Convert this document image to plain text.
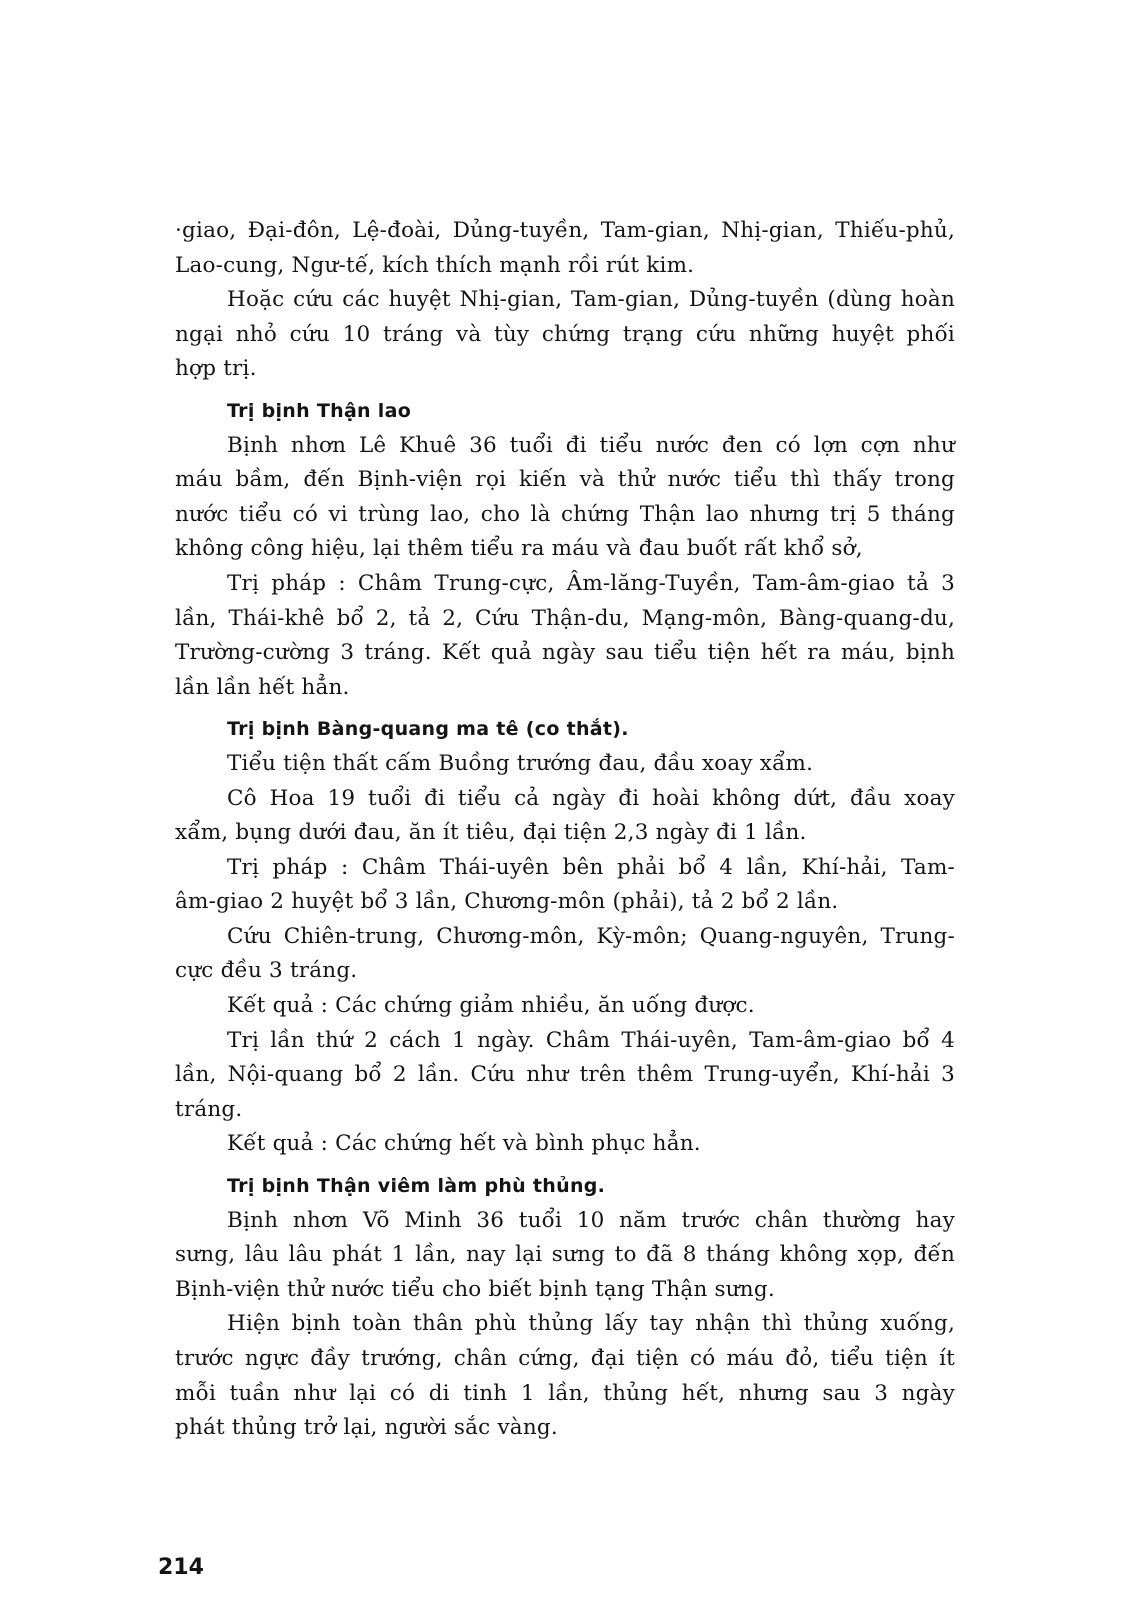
·giao, Đại-đôn, Lệ-đoài, Dủng-tuyền, Tam-gian, Nhị-gian, Thiếu-phủ,
Lao-cung, Ngư-tế, kích thích mạnh rồi rút kim.
Hoặc cứu các huyệt Nhị-gian, Tam-gian, Dủng-tuyền (dùng hoàn
ngại nhỏ cứu 10 tráng và tùy chứng trạng cứu những huyệt phối
hợp trị.
Trị bịnh Thận lao
Bịnh nhơn Lê Khuê 36 tuổi đi tiểu nước đen có lợn cợn như
máu bầm, đến Bịnh-viện rọi kiến và thử nước tiểu thì thấy trong
nước tiểu có vi trùng lao, cho là chứng Thận lao nhưng trị 5 tháng
không công hiệu, lại thêm tiểu ra máu và đau buốt rất khổ sở,
Trị pháp : Châm Trung-cực, Âm-lăng-Tuyền, Tam-âm-giao tả 3
lần, Thái-khê bổ 2, tả 2, Cứu Thận-du, Mạng-môn, Bàng-quang-du,
Trường-cường 3 tráng. Kết quả ngày sau tiểu tiện hết ra máu, bịnh
lần lần hết hẳn.
Trị bịnh Bàng-quang ma tê (co thắt).
Tiểu tiện thất cấm Buồng trướng đau, đầu xoay xẩm.
Cô Hoa 19 tuổi đi tiểu cả ngày đi hoài không dứt, đầu xoay
xẩm, bụng dưới đau, ăn ít tiêu, đại tiện 2,3 ngày đi 1 lần.
Trị pháp : Châm Thái-uyên bên phải bổ 4 lần, Khí-hải, Tam-
âm-giao 2 huyệt bổ 3 lần, Chương-môn (phải), tả 2 bổ 2 lần.
Cứu Chiên-trung, Chương-môn, Kỳ-môn; Quang-nguyên, Trung-
cực đều 3 tráng.
Kết quả : Các chứng giảm nhiều, ăn uống được.
Trị lần thứ 2 cách 1 ngày. Châm Thái-uyên, Tam-âm-giao bổ 4
lần, Nội-quang bổ 2 lần. Cứu như trên thêm Trung-uyển, Khí-hải 3
tráng.
Kết quả : Các chứng hết và bình phục hẳn.
Trị bịnh Thận viêm làm phù thủng.
Bịnh nhơn Võ Minh 36 tuổi 10 năm trước chân thường hay
sưng, lâu lâu phát 1 lần, nay lại sưng to đã 8 tháng không xọp, đến
Bịnh-viện thử nước tiểu cho biết bịnh tạng Thận sưng.
Hiện bịnh toàn thân phù thủng lấy tay nhận thì thủng xuống,
trước ngực đầy trướng, chân cứng, đại tiện có máu đỏ, tiểu tiện ít
mỗi tuần như lại có di tinh 1 lần, thủng hết, nhưng sau 3 ngày
phát thủng trở lại, người sắc vàng.
214
